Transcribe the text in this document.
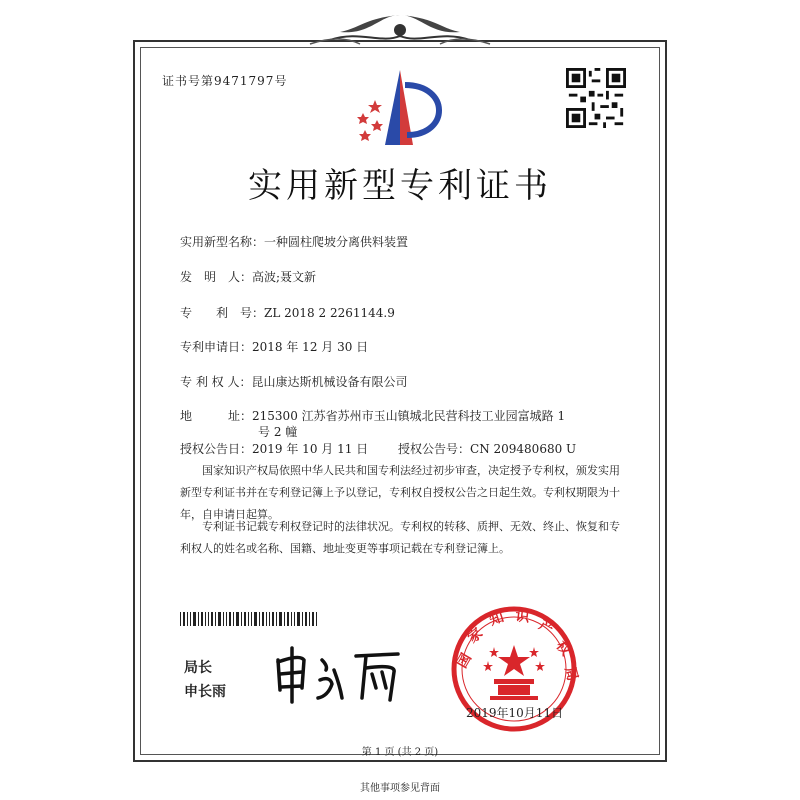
证书号第9471797号
实用新型专利证书
实用新型名称：一种圆柱爬坡分离供料装置
发　明　人：高波;聂文新
专　　利　号：ZL 2018 2 2261144.9
专利申请日：2018 年 12 月 30 日
专 利 权 人：昆山康达斯机械设备有限公司
地　　　址：215300 江苏省苏州市玉山镇城北民营科技工业园富城路 1
号 2 幢
授权公告日：2019 年 10 月 11 日 授权公告号：CN 209480680 U
　　国家知识产权局依照中华人民共和国专利法经过初步审查，决定授予专利权，颁发实用新型专利证书并在专利登记簿上予以登记，专利权自授权公告之日起生效。专利权期限为十年，自申请日起算。
　　专利证书记载专利权登记时的法律状况。专利权的转移、质押、无效、终止、恢复和专利权人的姓名或名称、国籍、地址变更等事项记载在专利登记簿上。
局长
申长雨
国
家
知 识
产
权
局
2019年10月11日
第 1 页 (共 2 页)
其他事项参见背面
